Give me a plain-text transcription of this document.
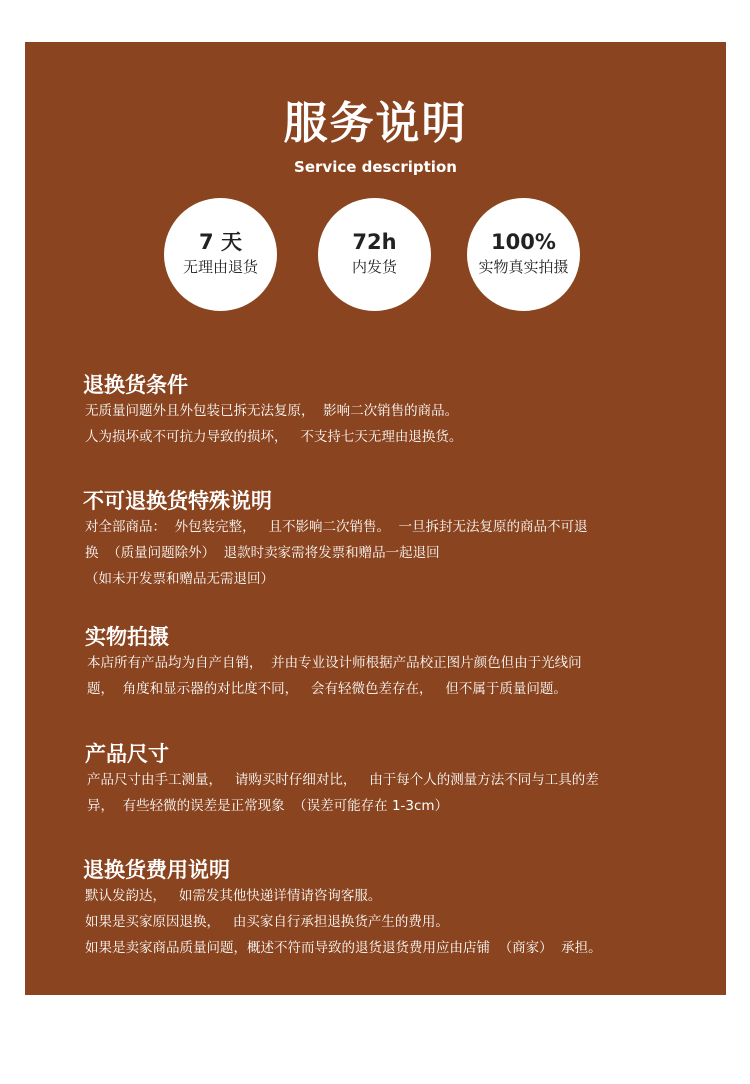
服务说明
Service description
7 天
无理由退货
72h
内发货
100%
实物真实拍摄
退换货条件

无质量问题外且外包装已拆无法复原，  影响二次销售的商品。

人为损坏或不可抗力导致的损坏，   不支持七天无理由退换货。

不可退换货特殊说明

对全部商品：  外包装完整，   且不影响二次销售。  一旦拆封无法复原的商品不可退

换  （质量问题除外）  退款时卖家需将发票和赠品一起退回

（如未开发票和赠品无需退回）

实物拍摄

本店所有产品均为自产自销，  并由专业设计师根据产品校正图片颜色但由于光线问

题，  角度和显示器的对比度不同，   会有轻微色差存在，   但不属于质量问题。

产品尺寸

产品尺寸由手工测量，   请购买时仔细对比，   由于每个人的测量方法不同与工具的差

异，  有些轻微的误差是正常现象  （误差可能存在 1-3cm）

退换货费用说明

默认发韵达，   如需发其他快递详情请咨询客服。

如果是买家原因退换，   由买家自行承担退换货产生的费用。

如果是卖家商品质量问题，概述不符而导致的退货退货费用应由店铺  （商家）  承担。
